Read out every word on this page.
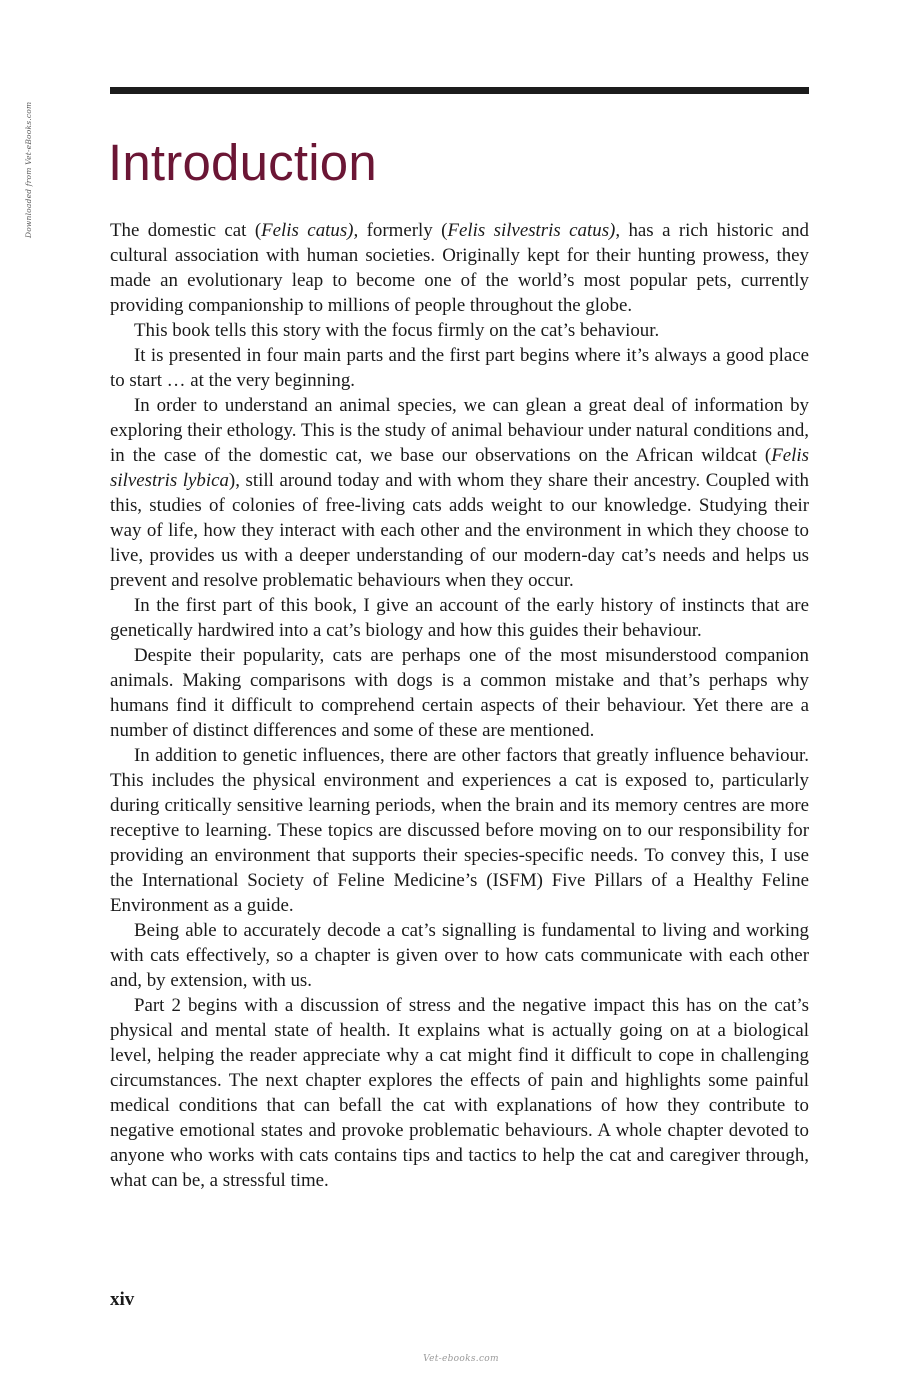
Downloaded from Vet-eBooks.com Introduction

The domestic cat (Felis catus), formerly (Felis silvestris catus), has a rich historic and cultural association with human societies. Originally kept for their hunting prowess, they made an evolutionary leap to become one of the world’s most popular pets, currently providing companionship to millions of people throughout the globe.

This book tells this story with the focus firmly on the cat’s behaviour.

It is presented in four main parts and the first part begins where it’s always a good place to start … at the very beginning.

In order to understand an animal species, we can glean a great deal of information by exploring their ethology. This is the study of animal behaviour under natural conditions and, in the case of the domestic cat, we base our observations on the African wildcat (Felis silvestris lybica), still around today and with whom they share their ancestry. Coupled with this, studies of colonies of free-living cats adds weight to our knowledge. Studying their way of life, how they interact with each other and the environment in which they choose to live, provides us with a deeper understanding of our modern-day cat’s needs and helps us prevent and resolve problematic behaviours when they occur.

In the first part of this book, I give an account of the early history of instincts that are genetically hardwired into a cat’s biology and how this guides their behaviour.

Despite their popularity, cats are perhaps one of the most misunderstood companion animals. Making comparisons with dogs is a common mistake and that’s perhaps why humans find it difficult to comprehend certain aspects of their behaviour. Yet there are a number of distinct differences and some of these are mentioned.

In addition to genetic influences, there are other factors that greatly influence behaviour. This includes the physical environment and experiences a cat is exposed to, particularly during critically sensitive learning periods, when the brain and its memory centres are more receptive to learning. These topics are discussed before moving on to our responsibility for providing an environment that supports their species-specific needs. To convey this, I use the International Society of Feline Medicine’s (ISFM) Five Pillars of a Healthy Feline Environment as a guide.

Being able to accurately decode a cat’s signalling is fundamental to living and working with cats effectively, so a chapter is given over to how cats communicate with each other and, by extension, with us.

Part 2 begins with a discussion of stress and the negative impact this has on the cat’s physical and mental state of health. It explains what is actually going on at a biological level, helping the reader appreciate why a cat might find it difficult to cope in challenging circumstances. The next chapter explores the effects of pain and highlights some painful medical conditions that can befall the cat with explanations of how they contribute to negative emotional states and provoke problematic behaviours. A whole chapter devoted to anyone who works with cats contains tips and tactics to help the cat and caregiver through, what can be, a stressful time.

xiv
Vet-ebooks.com
